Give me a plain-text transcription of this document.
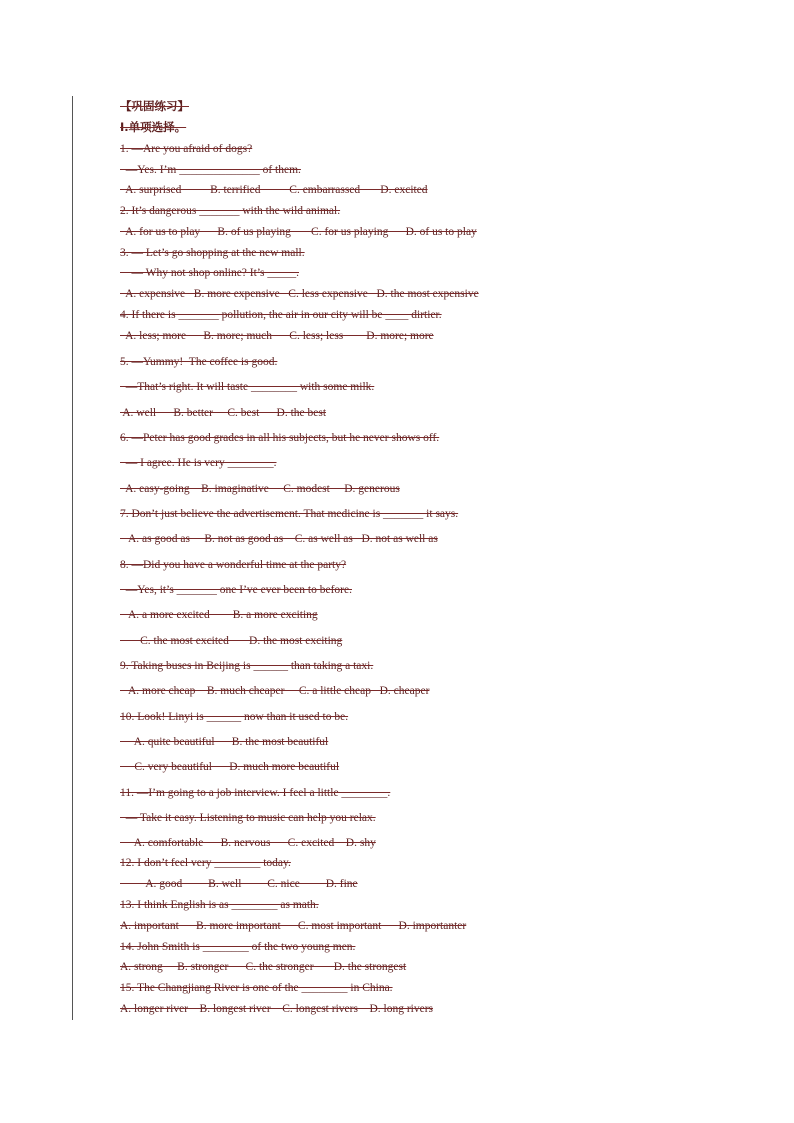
【巩固练习】
I.单项选择。
1. —Are you afraid of dogs?
—Yes. I’m ______________ of them.
A. surprised          B. terrified          C. embarrassed       D. excited
2. It’s dangerous _______ with the wild animal.
A. for us to play      B. of us playing       C. for us playing      D. of us to play
3. — Let’s go shopping at the new mall.
— Why not shop online? It’s _____.
A. expensive   B. more expensive   C. less expensive   D. the most expensive
4. If there is _______ pollution, the air in our city will be ____ dirtier.
A. less; more      B. more; much      C. less; less        D. more; more
5. —Yummy!  The coffee is good.
—That’s right. It will taste ________ with some milk.
A. well      B. better     C. best      D. the best
6. —Peter has good grades in all his subjects, but he never shows off.
— I agree. He is very ________.
A. easy-going    B. imaginative     C. modest     D. generous
7. Don’t just believe the advertisement. That medicine is _______ it says.
A. as good as     B. not as good as    C. as well as   D. not as well as
8. —Did you have a wonderful time at the party?
—Yes, it’s _______ one I’ve ever been to before.
A. a more excited        B. a more exciting
C. the most excited       D. the most exciting
9. Taking buses in Beijing is ______ than taking a taxi.
A. more cheap    B. much cheaper     C. a little cheap   D. cheaper
10. Look! Linyi is ______ now than it used to be.
A. quite beautiful      B. the most beautiful
C. very beautiful      D. much more beautiful
11. —I’m going to a job interview. I feel a little ________.
— Take it easy. Listening to music can help you relax.
A. comfortable      B. nervous      C. excited    D. shy
12. I don’t feel very ________ today.
A. good         B. well         C. nice         D. fine
13. I think English is as ________ as math.
A. important      B. more important      C. most important      D. importanter
14. John Smith is ________ of the two young men.
A. strong     B. stronger      C. the stronger       D. the strongest
15. The Changjiang River is one of the ________ in China.
A. longer river    B. longest river    C. longest rivers    D. long rivers
